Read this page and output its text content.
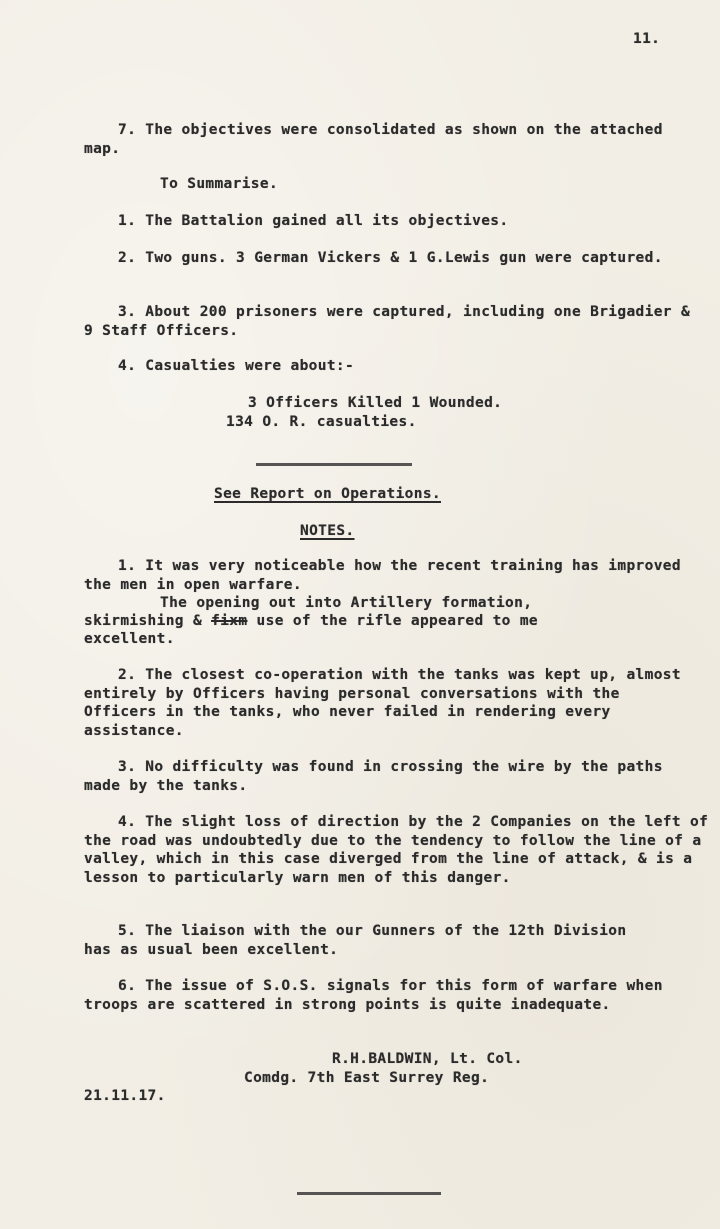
11.

7. The objectives were consolidated as shown on the attached map.

To Summarise.

1. The Battalion gained all its objectives.

2. Two guns. 3 German Vickers & 1 G.Lewis gun were captured.

3. About 200 prisoners were captured, including one Brigadier & 9 Staff Officers.

4. Casualties were about:-

3 Officers Killed 1 Wounded.
134 O. R. casualties.
See Report on Operations.
NOTES.

1. It was very noticeable how the recent training has improved the men in open warfare.

The opening out into Artillery formation,
skirmishing & fixm use of the rifle appeared to me
excellent.

2. The closest co-operation with the tanks was kept up, almost entirely by Officers having personal conversations with the Officers in the tanks, who never failed in rendering every assistance.

3. No difficulty was found in crossing the wire by the paths made by the tanks.

4. The slight loss of direction by the 2 Companies on the left of the road was undoubtedly due to the tendency to follow the line of a valley, which in this case diverged from the line of attack, & is a lesson to particularly warn men of this danger.

5. The liaison with the our Gunners of the 12th Division has as usual been excellent.

6. The issue of S.O.S. signals for this form of warfare when troops are scattered in strong points is quite inadequate.

R.H.BALDWIN, Lt. Col.
Comdg. 7th East Surrey Reg.
21.11.17.
